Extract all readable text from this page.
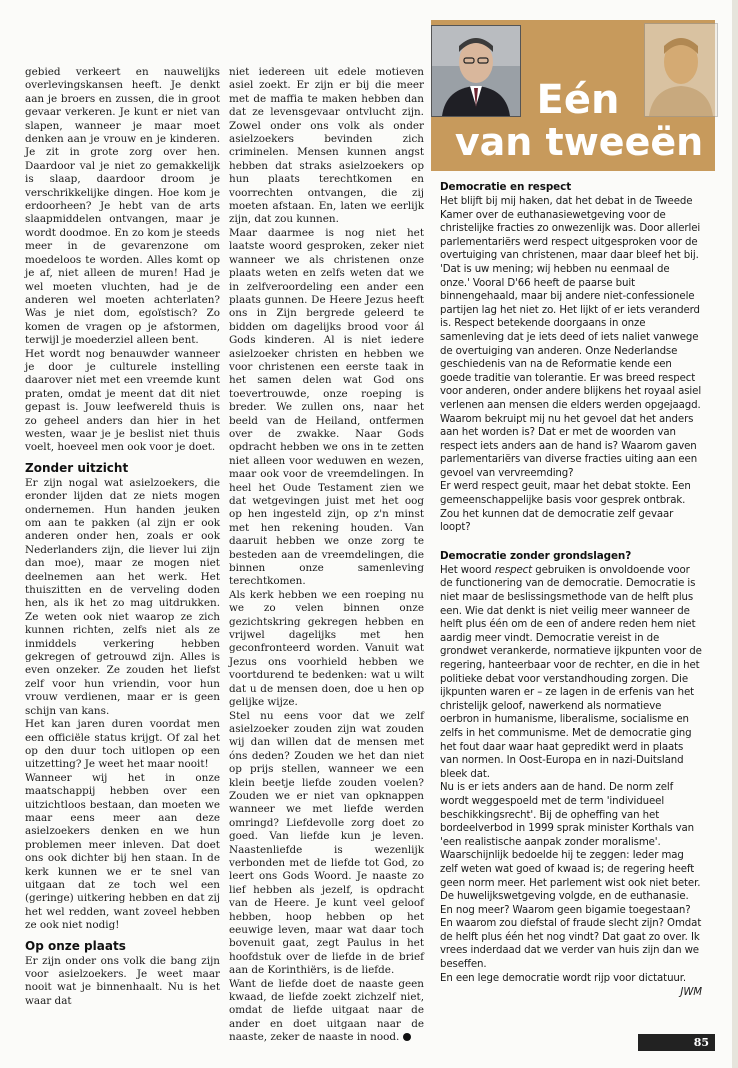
gebied verkeert en nauwelijks overlevingskansen heeft. Je denkt aan je broers en zussen, die in groot gevaar verkeren. Je kunt er niet van slapen, wanneer je maar moet denken aan je vrouw en je kinderen. Je zit in grote zorg over hen. Daardoor val je niet zo gemakkelijk is slaap, daardoor droom je verschrikkelijke dingen. Hoe kom je erdoorheen? Je hebt van de arts slaapmiddelen ontvangen, maar je wordt doodmoe. En zo kom je steeds meer in de gevarenzone om moedeloos te worden. Alles komt op je af, niet alleen de muren! Had je wel moeten vluchten, had je de anderen wel moeten achterlaten? Was je niet dom, egoïstisch? Zo komen de vragen op je afstormen, terwijl je moederziel alleen bent.

Het wordt nog benauwder wanneer je door je culturele instelling daarover niet met een vreemde kunt praten, omdat je meent dat dit niet gepast is. Jouw leefwereld thuis is zo geheel anders dan hier in het westen, waar je je beslist niet thuis voelt, hoeveel men ook voor je doet.

Zonder uitzicht

Er zijn nogal wat asielzoekers, die eronder lijden dat ze niets mogen ondernemen. Hun handen jeuken om aan te pakken (al zijn er ook anderen onder hen, zoals er ook Nederlanders zijn, die liever lui zijn dan moe), maar ze mogen niet deelnemen aan het werk. Het thuiszitten en de verveling doden hen, als ik het zo mag uitdrukken. Ze weten ook niet waarop ze zich kunnen richten, zelfs niet als ze inmiddels verkering hebben gekregen of getrouwd zijn. Alles is even onzeker. Ze zouden het liefst zelf voor hun vriendin, voor hun vrouw verdienen, maar er is geen schijn van kans.

Het kan jaren duren voordat men een officiële status krijgt. Of zal het op den duur toch uitlopen op een uitzetting? Je weet het maar nooit!

Wanneer wij het in onze maatschappij hebben over een uitzichtloos bestaan, dan moeten we maar eens meer aan deze asielzoekers denken en we hun problemen meer inleven. Dat doet ons ook dichter bij hen staan. In de kerk kunnen we er te snel van uitgaan dat ze toch wel een (geringe) uitkering hebben en dat zij het wel redden, want zoveel hebben ze ook niet nodig!

Op onze plaats

Er zijn onder ons volk die bang zijn voor asielzoekers. Je weet maar nooit wat je binnenhaalt. Nu is het waar dat

niet iedereen uit edele motieven asiel zoekt. Er zijn er bij die meer met de maffia te maken hebben dan dat ze levensgevaar ontvlucht zijn. Zowel onder ons volk als onder asielzoekers bevinden zich criminelen. Mensen kunnen angst hebben dat straks asielzoekers op hun plaats terechtkomen en voorrechten ontvangen, die zij moeten afstaan. En, laten we eerlijk zijn, dat zou kunnen.

Maar daarmee is nog niet het laatste woord gesproken, zeker niet wanneer we als christenen onze plaats weten en zelfs weten dat we in zelfveroordeling een ander een plaats gunnen. De Heere Jezus heeft ons in Zijn bergrede geleerd te bidden om dagelijks brood voor ál Gods kinderen. Al is niet iedere asielzoeker christen en hebben we voor christenen een eerste taak in het samen delen wat God ons toevertrouwde, onze roeping is breder. We zullen ons, naar het beeld van de Heiland, ontfermen over de zwakke. Naar Gods opdracht hebben we ons in te zetten niet alleen voor weduwen en wezen, maar ook voor de vreemdelingen. In heel het Oude Testament zien we dat wetgevingen juist met het oog op hen ingesteld zijn, op z'n minst met hen rekening houden. Van daaruit hebben we onze zorg te besteden aan de vreemdelingen, die binnen onze samenleving terechtkomen.

Als kerk hebben we een roeping nu we zo velen binnen onze gezichtskring gekregen hebben en vrijwel dagelijks met hen geconfronteerd worden. Vanuit wat Jezus ons voorhield hebben we voortdurend te bedenken: wat u wilt dat u de mensen doen, doe u hen op gelijke wijze.

Stel nu eens voor dat we zelf asielzoeker zouden zijn wat zouden wij dan willen dat de mensen met óns deden? Zouden we het dan niet op prijs stellen, wanneer we een klein beetje liefde zouden voelen? Zouden we er niet van opknappen wanneer we met liefde werden omringd? Liefdevolle zorg doet zo goed. Van liefde kun je leven. Naastenliefde is wezenlijk verbonden met de liefde tot God, zo leert ons Gods Woord. Je naaste zo lief hebben als jezelf, is opdracht van de Heere. Je kunt veel geloof hebben, hoop hebben op het eeuwige leven, maar wat daar toch bovenuit gaat, zegt Paulus in het hoofdstuk over de liefde in de brief aan de Korinthiërs, is de liefde.

Want de liefde doet de naaste geen kwaad, de liefde zoekt zichzelf niet, omdat de liefde uitgaat naar de ander en doet uitgaan naar de naaste, zeker de naaste in nood.

Eén
van tweeën
Democratie en respect

Het blijft bij mij haken, dat het debat in de Tweede Kamer over de euthanasiewetgeving voor de christelijke fracties zo onwezenlijk was. Door allerlei parlementariërs werd respect uitgesproken voor de overtuiging van christenen, maar daar bleef het bij. 'Dat is uw mening; wij hebben nu eenmaal de onze.' Vooral D'66 heeft de paarse buit binnengehaald, maar bij andere niet-confessionele partijen lag het niet zo. Het lijkt of er iets veranderd is. Respect betekende doorgaans in onze samenleving dat je iets deed of iets naliet vanwege de overtuiging van anderen. Onze Nederlandse geschiedenis van na de Reformatie kende een goede traditie van tolerantie. Er was breed respect voor anderen, onder andere blijkens het royaal asiel verlenen aan mensen die elders werden opgejaagd.

Waarom bekruipt mij nu het gevoel dat het anders aan het worden is? Dat er met de woorden van respect iets anders aan de hand is? Waarom gaven parlementariërs van diverse fracties uiting aan een gevoel van vervreemding?

Er werd respect geuit, maar het debat stokte. Een gemeenschappelijke basis voor gesprek ontbrak. Zou het kunnen dat de democratie zelf gevaar loopt?

Democratie zonder grondslagen?

Het woord respect gebruiken is onvoldoende voor de functionering van de democratie. Democratie is niet maar de beslissingsmethode van de helft plus een. Wie dat denkt is niet veilig meer wanneer de helft plus één om de een of andere reden hem niet aardig meer vindt. Democratie vereist in de grondwet verankerde, normatieve ijkpunten voor de regering, hanteerbaar voor de rechter, en die in het politieke debat voor verstandhouding zorgen. Die ijkpunten waren er – ze lagen in de erfenis van het christelijk geloof, nawerkend als normatieve oerbron in humanisme, liberalisme, socialisme en zelfs in het communisme. Met de democratie ging het fout daar waar haat gepredikt werd in plaats van normen. In Oost-Europa en in nazi-Duitsland bleek dat.

Nu is er iets anders aan de hand. De norm zelf wordt weggespoeld met de term 'individueel beschikkingsrecht'. Bij de opheffing van het bordeelverbod in 1999 sprak minister Korthals van 'een realistische aanpak zonder moralisme'. Waarschijnlijk bedoelde hij te zeggen: Ieder mag zelf weten wat goed of kwaad is; de regering heeft geen norm meer. Het parlement wist ook niet beter.

De huwelijkswetgeving volgde, en de euthanasie. En nog meer? Waarom geen bigamie toegestaan? En waarom zou diefstal of fraude slecht zijn? Omdat de helft plus één het nog vindt? Dat gaat zo over. Ik vrees inderdaad dat we verder van huis zijn dan we beseffen.

En een lege democratie wordt rijp voor dictatuur.

JWM
85
